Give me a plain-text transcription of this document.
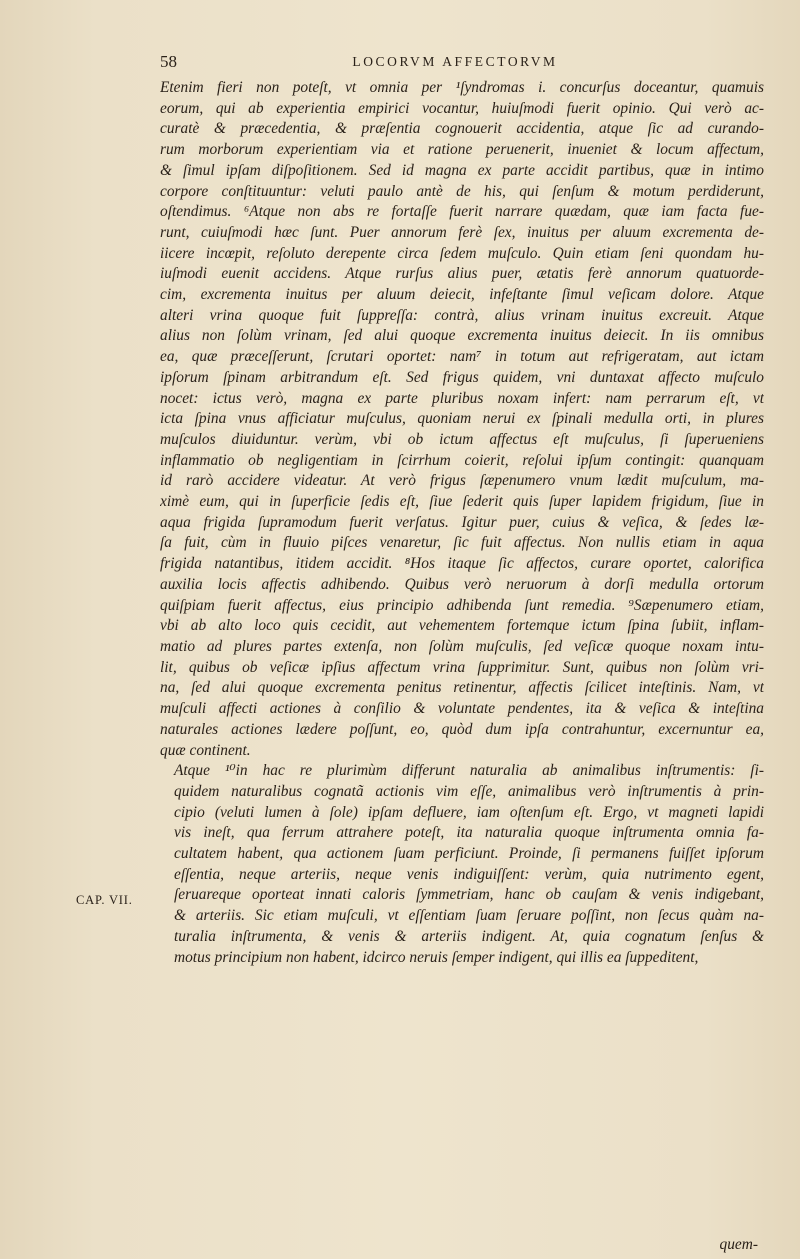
58	LOCORVM AFFECTORVM
Etenim fieri non poteſt, vt omnia per ¹ſyndromas i. concurſus doceantur, quamuis
eorum, qui ab experientia empirici vocantur, huiuſmodi fuerit opinio. Qui verò ac-
curatè & præcedentia, & præſentia cognouerit accidentia, atque ſic ad curando-
rum morborum experientiam via et ratione peruenerit, inueniet & locum affectum,
& ſimul ipſam diſpoſitionem. Sed id magna ex parte accidit partibus, quæ in intimo
corpore conſtituuntur: veluti paulo antè de his, qui ſenſum & motum perdiderunt,
oſtendimus. ⁶Atque non abs re fortaſſe fuerit narrare quædam, quæ iam facta fue-
runt, cuiuſmodi hæc ſunt. Puer annorum ferè ſex, inuitus per aluum excrementa de-
iicere incœpit, reſoluto derepente circa ſedem muſculo. Quin etiam ſeni quondam hu-
iuſmodi euenit accidens. Atque rurſus alius puer, ætatis ferè annorum quatuorde-
cim, excrementa inuitus per aluum deiecit, infeſtante ſimul veſicam dolore. Atque
alteri vrina quoque fuit ſuppreſſa: contrà, alius vrinam inuitus excreuit. Atque
alius non ſolùm vrinam, ſed alui quoque excrementa inuitus deiecit. In iis omnibus
ea, quæ præceſſerunt, ſcrutari oportet: nam⁷ in totum aut refrigeratam, aut ictam
ipſorum ſpinam arbitrandum eſt. Sed frigus quidem, vni duntaxat affecto muſculo
nocet: ictus verò, magna ex parte pluribus noxam infert: nam perrarum eſt, vt
icta ſpina vnus afficiatur muſculus, quoniam nerui ex ſpinali medulla orti, in plures
muſculos diuiduntur. verùm, vbi ob ictum affectus eſt muſculus, ſi ſuperueniens
inflammatio ob negligentiam in ſcirrhum coierit, reſolui ipſum contingit: quanquam
id rarò accidere videatur. At verò frigus ſæpenumero vnum lædit muſculum, ma-
ximè eum, qui in ſuperficie ſedis eſt, ſiue ſederit quis ſuper lapidem frigidum, ſiue in
aqua frigida ſupramodum fuerit verſatus. Igitur puer, cuius & veſica, & ſedes læ-
ſa fuit, cùm in fluuio piſces venaretur, ſic fuit affectus. Non nullis etiam in aqua
frigida natantibus, itidem accidit. ⁸Hos itaque ſic affectos, curare oportet, calorifica
auxilia locis affectis adhibendo. Quibus verò neruorum à dorſi medulla ortorum
quiſpiam fuerit affectus, eius principio adhibenda ſunt remedia. ⁹Sæpenumero etiam,
vbi ab alto loco quis cecidit, aut vehementem fortemque ictum ſpina ſubiit, inflam-
matio ad plures partes extenſa, non ſolùm muſculis, ſed veſicæ quoque noxam intu-
lit, quibus ob veſicæ ipſius affectum vrina ſupprimitur. Sunt, quibus non ſolùm vri-
na, ſed alui quoque excrementa penitus retinentur, affectis ſcilicet inteſtinis. Nam, vt
muſculi affecti actiones à conſilio & voluntate pendentes, ita & veſica & inteſtina
naturales actiones lædere poſſunt, eo, quòd dum ipſa contrahuntur, excernuntur ea,
quæ continent.
Atque ¹⁰in hac re plurimùm differunt naturalia ab animalibus inſtrumentis: ſi-
quidem naturalibus cognatã actionis vim eſſe, animalibus verò inſtrumentis à prin-
cipio (veluti lumen à ſole) ipſam defluere, iam oſtenſum eſt. Ergo, vt magneti lapidi
vis ineſt, qua ferrum attrahere poteſt, ita naturalia quoque inſtrumenta omnia fa-
cultatem habent, qua actionem ſuam perficiunt. Proinde, ſi permanens fuiſſet ipſorum
eſſentia, neque arteriis, neque venis indiguiſſent: verùm, quia nutrimento egent,
ſeruareque oporteat innati caloris ſymmetriam, hanc ob cauſam & venis indigebant,
& arteriis. Sic etiam muſculi, vt eſſentiam ſuam ſeruare poſſint, non ſecus quàm na-
turalia inſtrumenta, & venis & arteriis indigent. At, quia cognatum ſenſus &
motus principium non habent, idcirco neruis ſemper indigent, qui illis ea ſuppeditent,
CAP. VII.
quem-
